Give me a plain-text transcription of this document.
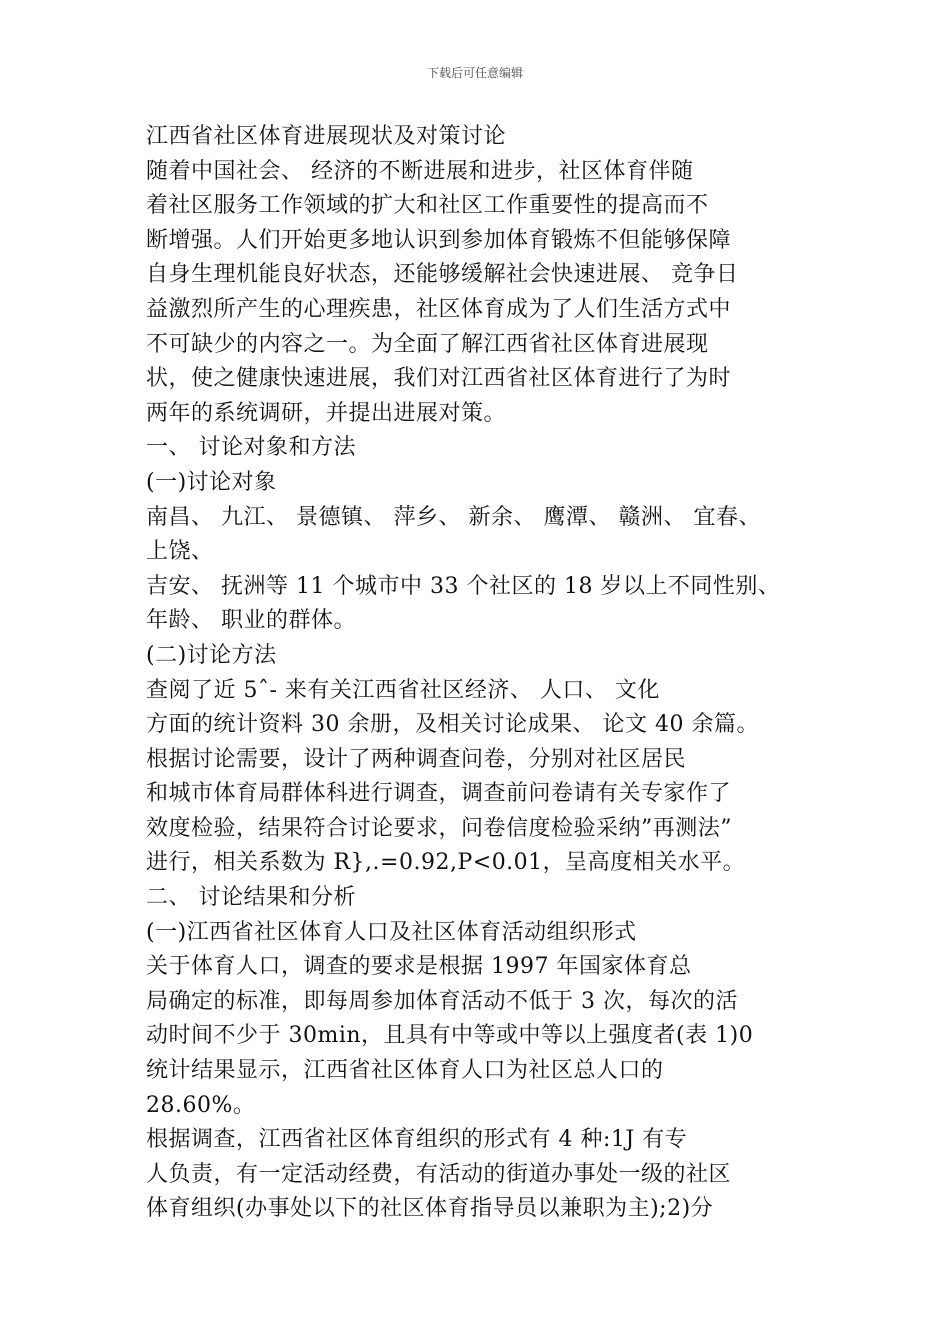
下载后可任意编辑
江西省社区体育进展现状及对策讨论
随着中国社会、 经济的不断进展和进步，社区体育伴随
着社区服务工作领域的扩大和社区工作重要性的提高而不
断增强。人们开始更多地认识到参加体育锻炼不但能够保障
自身生理机能良好状态，还能够缓解社会快速进展、 竞争日
益激烈所产生的心理疾患，社区体育成为了人们生活方式中
不可缺少的内容之一。为全面了解江西省社区体育进展现
状，使之健康快速进展，我们对江西省社区体育进行了为时
两年的系统调研，并提出进展对策。
一、 讨论对象和方法
(一)讨论对象
南昌、 九江、 景德镇、 萍乡、 新余、 鹰潭、 赣洲、 宜春、
上饶、
吉安、 抚洲等 11 个城市中 33 个社区的 18 岁以上不同性别、
年龄、 职业的群体。
(二)讨论方法
查阅了近 5ˆ- 来有关江西省社区经济、 人口、 文化
方面的统计资料 30 余册，及相关讨论成果、 论文 40 余篇。
根据讨论需要，设计了两种调查问卷，分别对社区居民
和城市体育局群体科进行调查，调查前问卷请有关专家作了
效度检验，结果符合讨论要求，问卷信度检验采纳”再测法”
进行，相关系数为 R},.=0.92,P<0.01，呈高度相关水平。
二、 讨论结果和分析
(一)江西省社区体育人口及社区体育活动组织形式
关于体育人口，调查的要求是根据 1997 年国家体育总
局确定的标准，即每周参加体育活动不低于 3 次，每次的活
动时间不少于 30min，且具有中等或中等以上强度者(表 1)0
统计结果显示，江西省社区体育人口为社区总人口的
28.60%。
根据调查，江西省社区体育组织的形式有 4 种:1J 有专
人负责，有一定活动经费，有活动的街道办事处一级的社区
体育组织(办事处以下的社区体育指导员以兼职为主);2)分
